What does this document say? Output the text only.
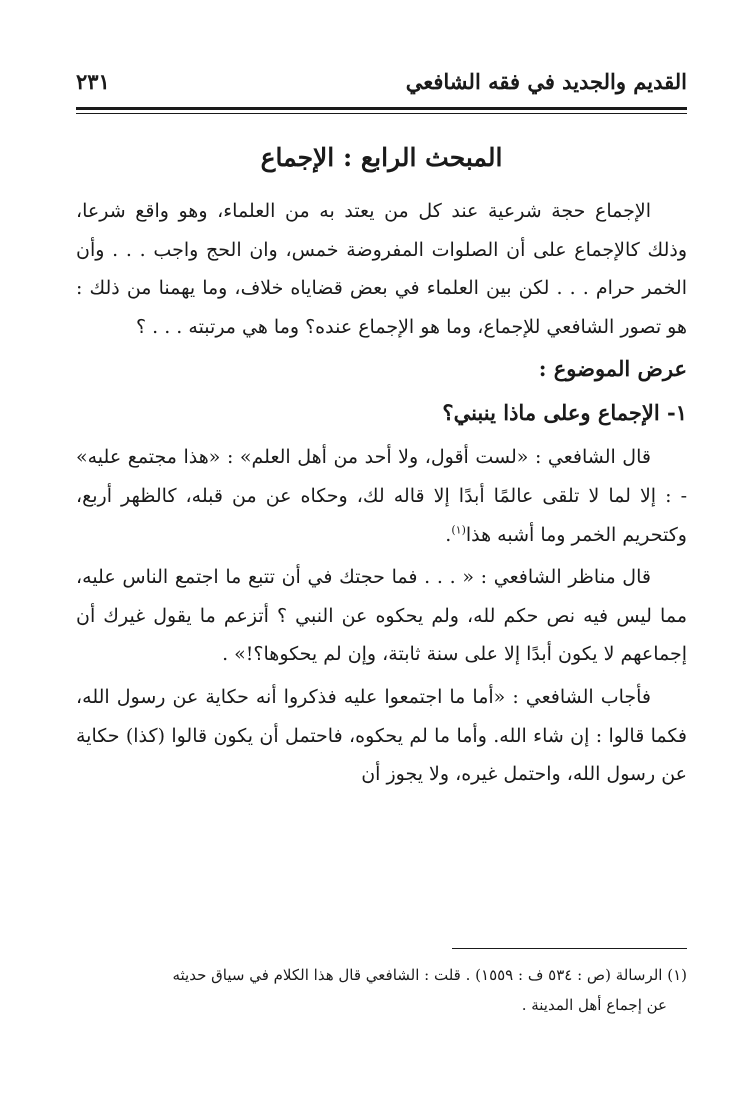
القديم والجديد في فقه الشافعي
٢٣١
المبحث الرابع : الإجماع

الإجماع حجة شرعية عند كل من يعتد به من العلماء، وهو واقع شرعا، وذلك كالإجماع على أن الصلوات المفروضة خمس، وان الحج واجب . . . وأن الخمر حرام . . . لكن بين العلماء في بعض قضاياه خلاف، وما يهمنا من ذلك : هو تصور الشافعي للإجماع، وما هو الإجماع عنده؟ وما هي مرتبته . . . ؟

عرض الموضوع :
١- الإجماع وعلى ماذا ينبني؟

قال الشافعي : «لست أقول، ولا أحد من أهل العلم» : «هذا مجتمع عليه» - : إلا لما لا تلقى عالمًا أبدًا إلا قاله لك، وحكاه عن من قبله، كالظهر أربع، وكتحريم الخمر وما أشبه هذا$^{(١)}$.

قال مناظر الشافعي : « . . . فما حجتك في أن تتبع ما اجتمع الناس عليه، مما ليس فيه نص حكم لله، ولم يحكوه عن النبي ؟ أتزعم ما يقول غيرك أن إجماعهم لا يكون أبدًا إلا على سنة ثابتة، وإن لم يحكوها؟!» .

فأجاب الشافعي : «أما ما اجتمعوا عليه فذكروا أنه حكاية عن رسول الله، فكما قالوا : إن شاء الله. وأما ما لم يحكوه، فاحتمل أن يكون قالوا (كذا) حكاية عن رسول الله، واحتمل غيره، ولا يجوز أن

(١) الرسالة (ص : ٥٣٤ ف : ١٥٥٩) . قلت : الشافعي قال هذا الكلام في سياق حديثه

عن إجماع أهل المدينة .
